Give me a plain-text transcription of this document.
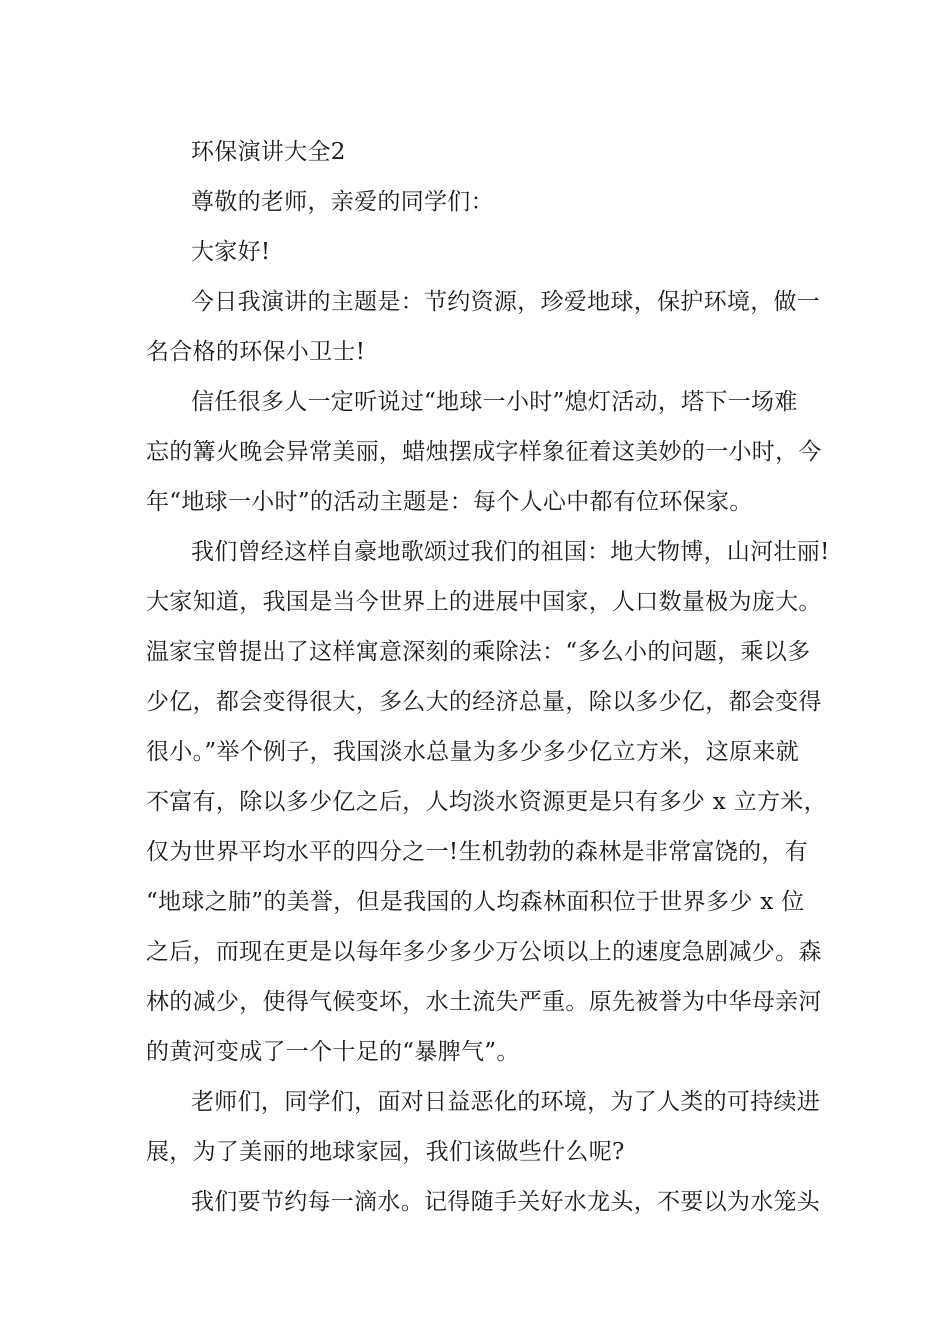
环保演讲大全2
尊敬的老师，亲爱的同学们：
大家好!
今日我演讲的主题是：节约资源，珍爱地球，保护环境，做一
名合格的环保小卫士!
信任很多人一定听说过“地球一小时”熄灯活动，塔下一场难
忘的篝火晚会异常美丽，蜡烛摆成字样象征着这美妙的一小时，今
年“地球一小时”的活动主题是：每个人心中都有位环保家。
我们曾经这样自豪地歌颂过我们的祖国：地大物博，山河壮丽!
大家知道，我国是当今世界上的进展中国家，人口数量极为庞大。
温家宝曾提出了这样寓意深刻的乘除法：“多么小的问题，乘以多
少亿，都会变得很大，多么大的经济总量，除以多少亿，都会变得
很小。”举个例子，我国淡水总量为多少多少亿立方米，这原来就
不富有，除以多少亿之后，人均淡水资源更是只有多少 x 立方米，
仅为世界平均水平的四分之一!生机勃勃的森林是非常富饶的，有
“地球之肺”的美誉，但是我国的人均森林面积位于世界多少 x 位
之后，而现在更是以每年多少多少万公顷以上的速度急剧减少。森
林的减少，使得气候变坏，水土流失严重。原先被誉为中华母亲河
的黄河变成了一个十足的“暴脾气”。
老师们，同学们，面对日益恶化的环境，为了人类的可持续进
展，为了美丽的地球家园，我们该做些什么呢?
我们要节约每一滴水。记得随手关好水龙头，不要以为水笼头
